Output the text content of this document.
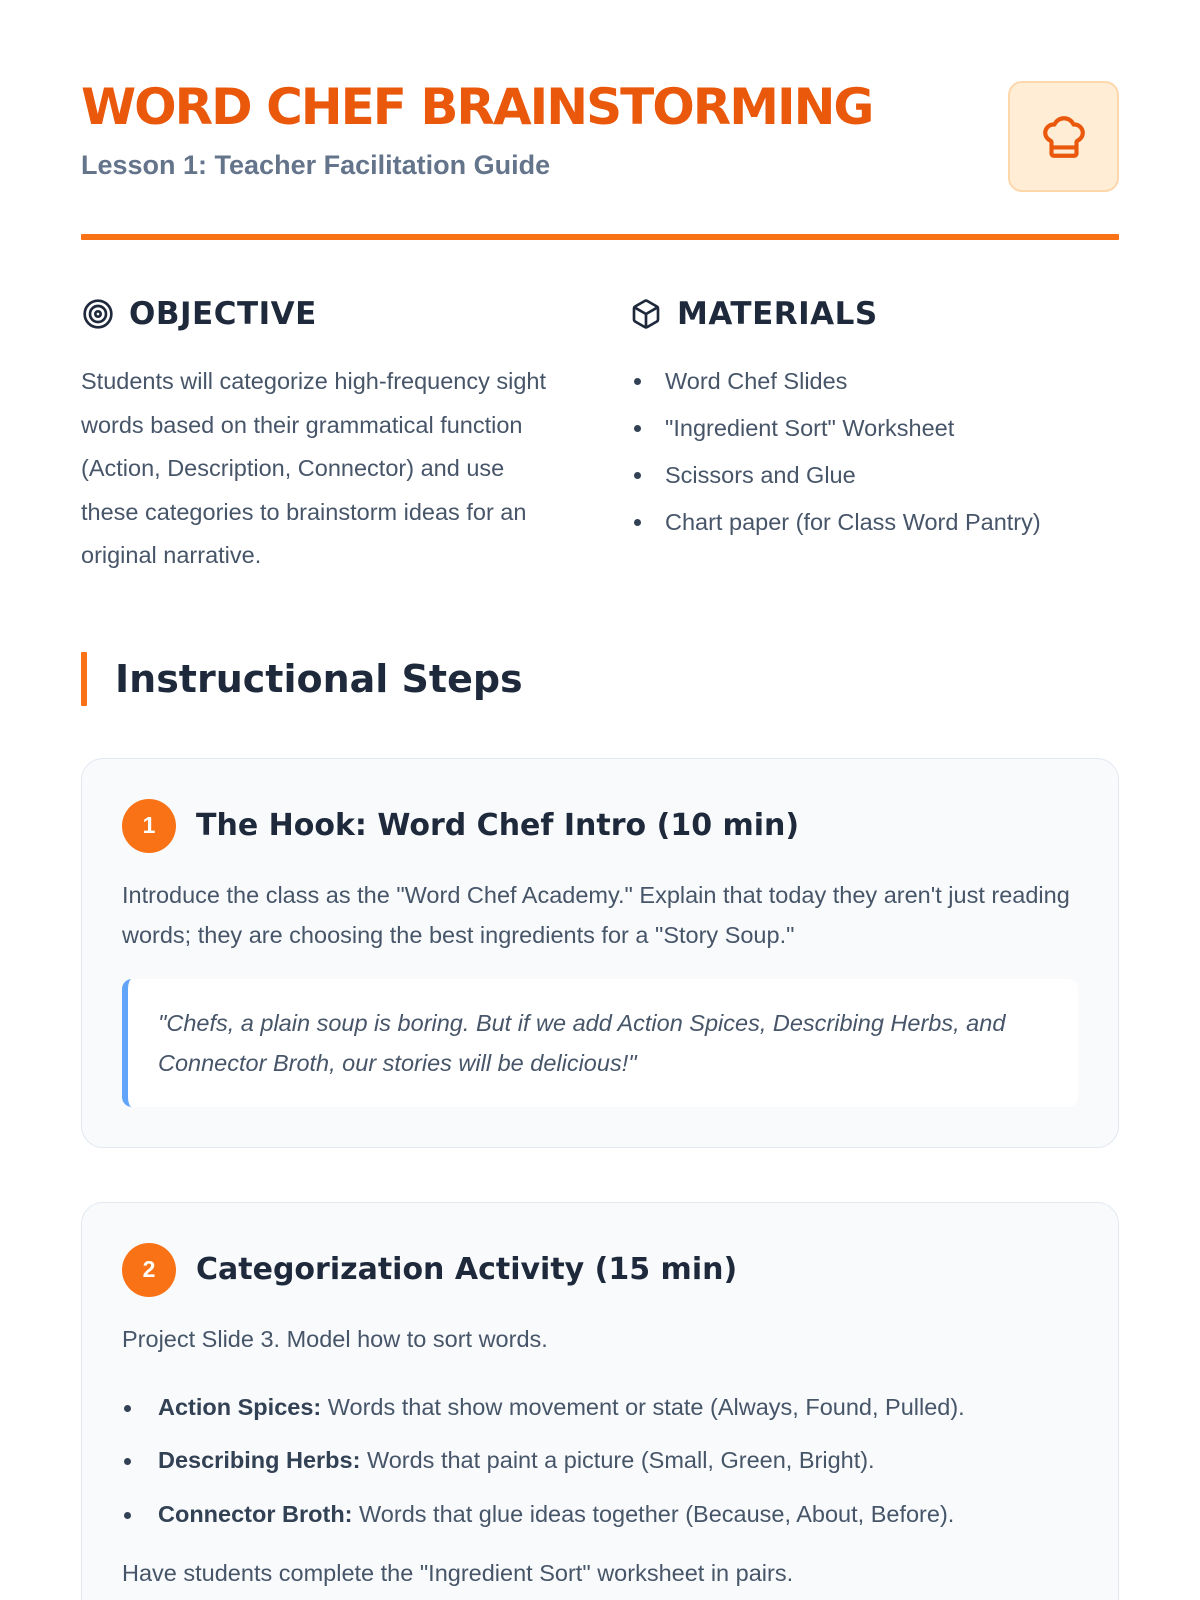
WORD CHEF BRAINSTORMING
Lesson 1: Teacher Facilitation Guide
OBJECTIVE

Students will categorize high-frequency sight words based on their grammatical function (Action, Description, Connector) and use these categories to brainstorm ideas for an original narrative.

MATERIALS
Word Chef Slides
"Ingredient Sort" Worksheet
Scissors and Glue
Chart paper (for Class Word Pantry)
Instructional Steps
1	The Hook: Word Chef Intro (10 min)

Introduce the class as the "Word Chef Academy." Explain that today they aren't just reading words; they are choosing the best ingredients for a "Story Soup."

"Chefs, a plain soup is boring. But if we add Action Spices, Describing Herbs, and Connector Broth, our stories will be delicious!"
2	Categorization Activity (15 min)

Project Slide 3. Model how to sort words.

Action Spices: Words that show movement or state (Always, Found, Pulled).
Describing Herbs: Words that paint a picture (Small, Green, Bright).
Connector Broth: Words that glue ideas together (Because, About, Before).

Have students complete the "Ingredient Sort" worksheet in pairs.
